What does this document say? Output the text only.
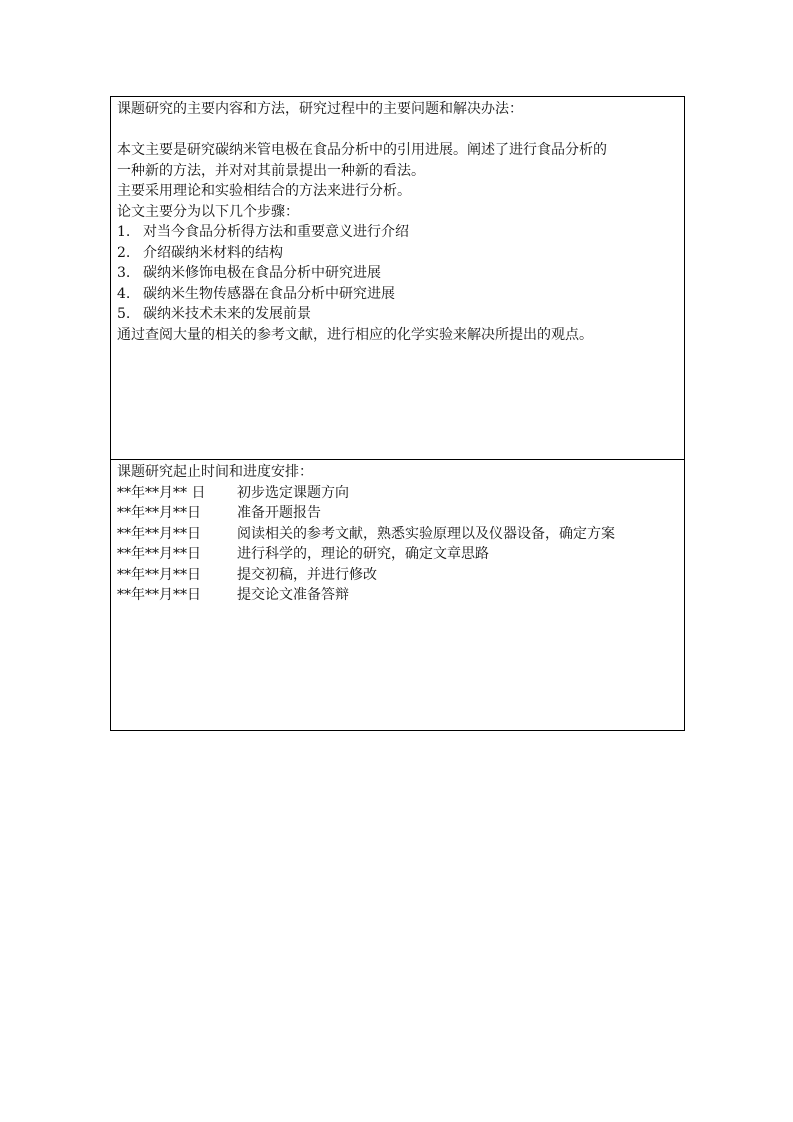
课题研究的主要内容和方法，研究过程中的主要问题和解决办法：
本文主要是研究碳纳米管电极在食品分析中的引用进展。阐述了进行食品分析的
一种新的方法，并对对其前景提出一种新的看法。
主要采用理论和实验相结合的方法来进行分析。
论文主要分为以下几个步骤：
1. 对当今食品分析得方法和重要意义进行介绍
2. 介绍碳纳米材料的结构
3. 碳纳米修饰电极在食品分析中研究进展
4. 碳纳米生物传感器在食品分析中研究进展
5. 碳纳米技术未来的发展前景
通过查阅大量的相关的参考文献，进行相应的化学实验来解决所提出的观点。
课题研究起止时间和进度安排：
**年**月** 日 初步选定课题方向
**年**月**日	准备开题报告
**年**月**日	阅读相关的参考文献，熟悉实验原理以及仪器设备，确定方案
**年**月**日	进行科学的，理论的研究，确定文章思路
**年**月**日	提交初稿，并进行修改
**年**月**日	提交论文准备答辩
